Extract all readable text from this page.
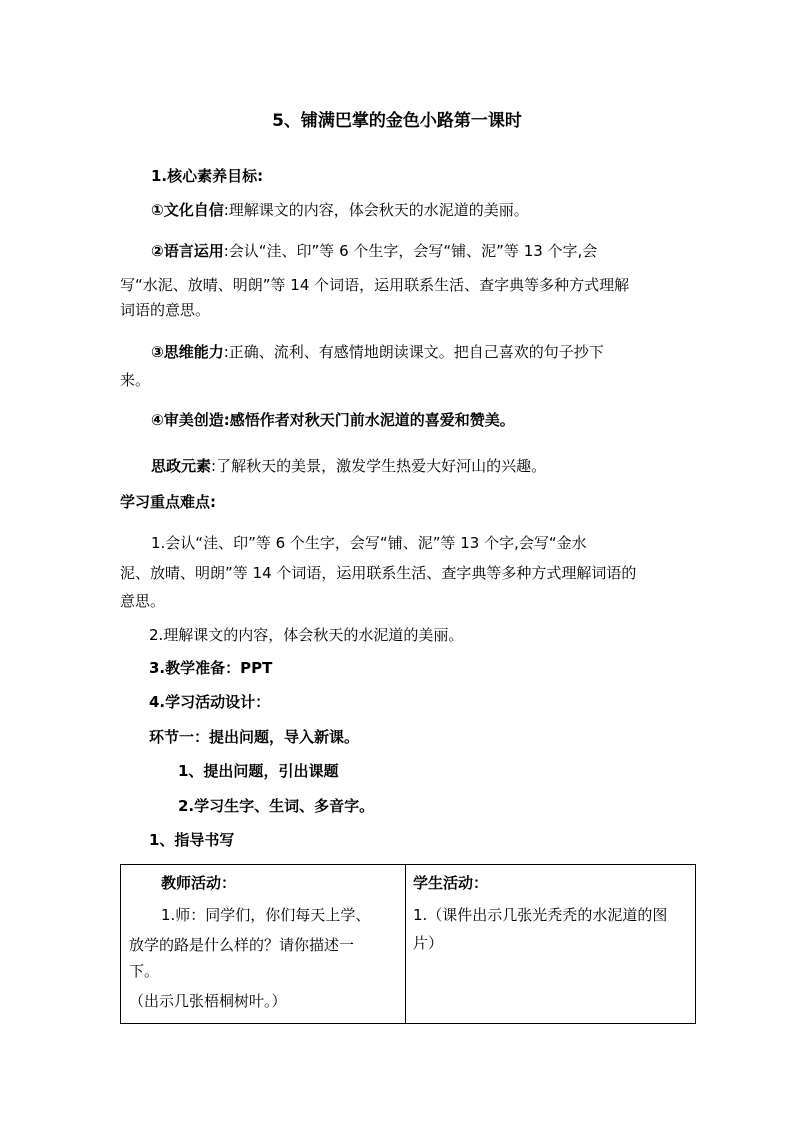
5、铺满巴掌的金色小路第一课时
1.核心素养目标:
①文化自信:理解课文的内容，体会秋天的水泥道的美丽。
②语言运用:会认“洼、印”等 6 个生字，会写“铺、泥”等 13 个字,会
写“水泥、放晴、明朗”等 14 个词语，运用联系生活、查字典等多种方式理解
词语的意思。
③思维能力:正确、流利、有感情地朗读课文。把自己喜欢的句子抄下
来。
④审美创造:感悟作者对秋天门前水泥道的喜爱和赞美。
思政元素:了解秋天的美景，激发学生热爱大好河山的兴趣。
学习重点难点:
1.会认“洼、印”等 6 个生字，会写“铺、泥”等 13 个字,会写“金水
泥、放晴、明朗”等 14 个词语，运用联系生活、查字典等多种方式理解词语的
意思。
2.理解课文的内容，体会秋天的水泥道的美丽。
3.教学准备：PPT
4.学习活动设计：
环节一：提出问题，导入新课。
1、提出问题，引出课题
2.学习生字、生词、多音字。
1、指导书写
教师活动：
1.师：同学们，你们每天上学、
放学的路是什么样的？请你描述一
下。
（出示几张梧桐树叶。）
学生活动：
1.（课件出示几张光秃秃的水泥道的图
片）
